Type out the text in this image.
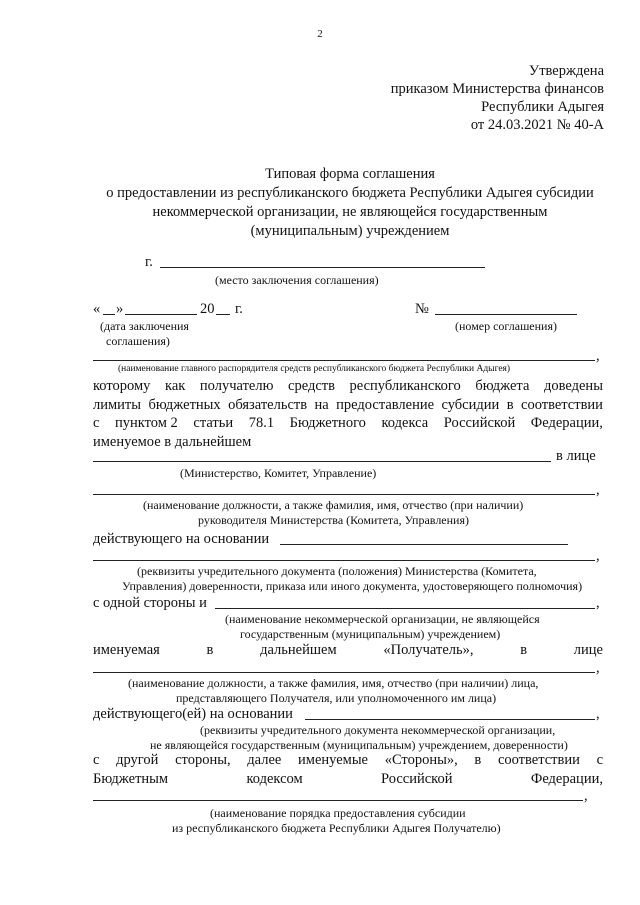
2
Утверждена
приказом Министерства финансов
Республики Адыгея
от 24.03.2021 № 40-А
Типовая форма соглашения
о предоставлении из республиканского бюджета Республики Адыгея субсидии
некоммерческой организации, не являющейся государственным
(муниципальным) учреждением
г.
(место заключения соглашения)
« »	20 г.
(дата заключения
соглашения)
№
(номер соглашения)
,
(наименование главного распорядителя средств республиканского бюджета Республики Адыгея)
которому как получателю средств республиканского бюджета доведены
лимиты бюджетных обязательств на предоставление субсидии в соответствии
с пунктом 2 статьи 78.1 Бюджетного кодекса Российской Федерации,
именуемое в дальнейшем
в лице
(Министерство, Комитет, Управление)
,
(наименование должности, а также фамилия, имя, отчество (при наличии)
руководителя Министерства (Комитета, Управления)
действующего на основании
,
(реквизиты учредительного документа (положения) Министерства (Комитета,
Управления) доверенности, приказа или иного документа, удостоверяющего полномочия)
с одной стороны и	,
(наименование некоммерческой организации, не являющейся
государственным (муниципальным) учреждением)
именуемая	в	дальнейшем	«Получатель»,	в	лице
,
(наименование должности, а также фамилия, имя, отчество (при наличии) лица,
представляющего Получателя, или уполномоченного им лица)
действующего(ей) на основании	,
(реквизиты учредительного документа некоммерческой организации,
не являющейся государственным (муниципальным) учреждением, доверенности)
с другой стороны, далее именуемые «Стороны», в соответствии с
Бюджетным	кодексом	Российской	Федерации,
,
(наименование порядка предоставления субсидии
из республиканского бюджета Республики Адыгея Получателю)
